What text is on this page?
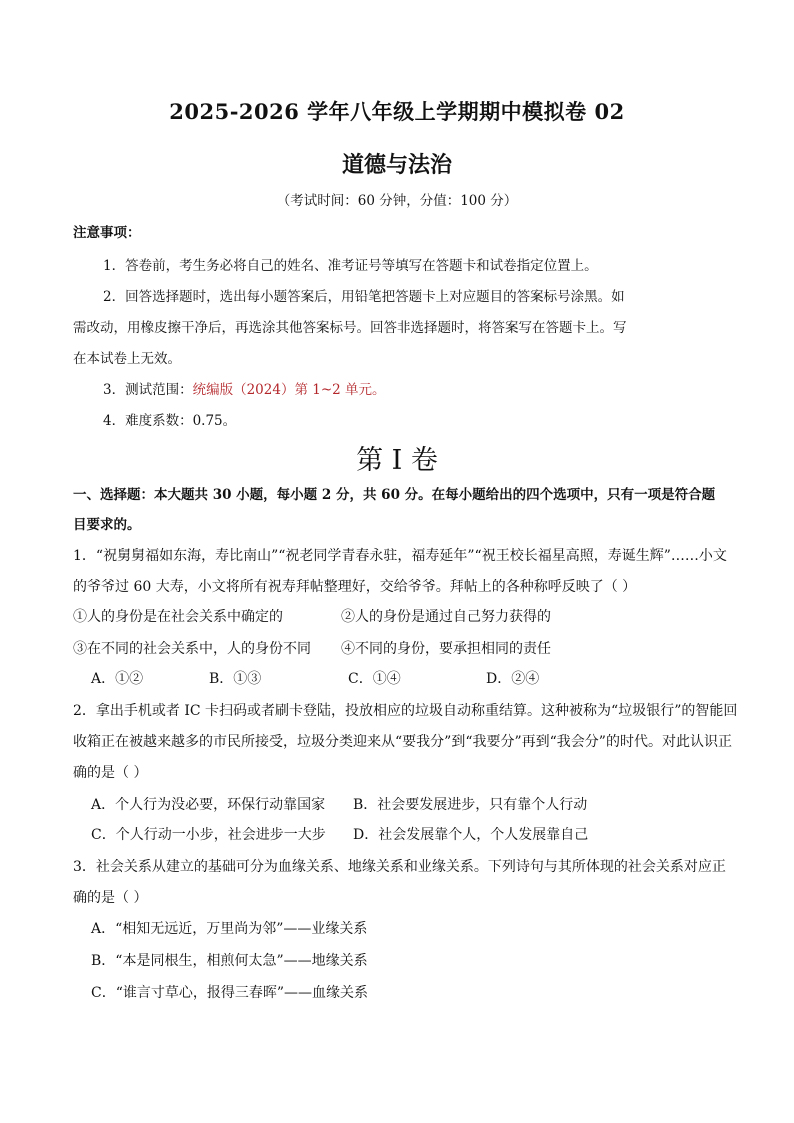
2025-2026 学年八年级上学期期中模拟卷 02
道德与法治
（考试时间：60 分钟，分值：100 分）
注意事项：
1．答卷前，考生务必将自己的姓名、准考证号等填写在答题卡和试卷指定位置上。
2．回答选择题时，选出每小题答案后，用铅笔把答题卡上对应题目的答案标号涂黑。如
需改动，用橡皮擦干净后，再选涂其他答案标号。回答非选择题时，将答案写在答题卡上。写
在本试卷上无效。
3．测试范围：统编版（2024）第 1~2 单元。
4．难度系数：0.75。
第 I 卷
一、选择题：本大题共 30 小题，每小题 2 分，共 60 分。在每小题给出的四个选项中，只有一项是符合题
目要求的。
1．“祝舅舅福如东海，寿比南山”“祝老同学青春永驻，福寿延年”“祝王校长福星高照，寿诞生辉”……小文
的爷爷过 60 大寿，小文将所有祝寿拜帖整理好，交给爷爷。拜帖上的各种称呼反映了（ ）
①人的身份是在社会关系中确定的	②人的身份是通过自己努力获得的
③在不同的社会关系中，人的身份不同 ④不同的身份，要承担相同的责任
A．①②	B．①③	C．①④	D．②④
2．拿出手机或者 IC 卡扫码或者刷卡登陆，投放相应的垃圾自动称重结算。这种被称为“垃圾银行”的智能回
收箱正在被越来越多的市民所接受，垃圾分类迎来从“要我分”到“我要分”再到“我会分”的时代。对此认识正
确的是（ ）
A．个人行为没必要，环保行动靠国家 B．社会要发展进步，只有靠个人行动
C．个人行动一小步，社会进步一大步 D．社会发展靠个人，个人发展靠自己
3．社会关系从建立的基础可分为血缘关系、地缘关系和业缘关系。下列诗句与其所体现的社会关系对应正
确的是（ ）
A．“相知无远近，万里尚为邻”——业缘关系
B．“本是同根生，相煎何太急”——地缘关系
C．“谁言寸草心，报得三春晖”——血缘关系
